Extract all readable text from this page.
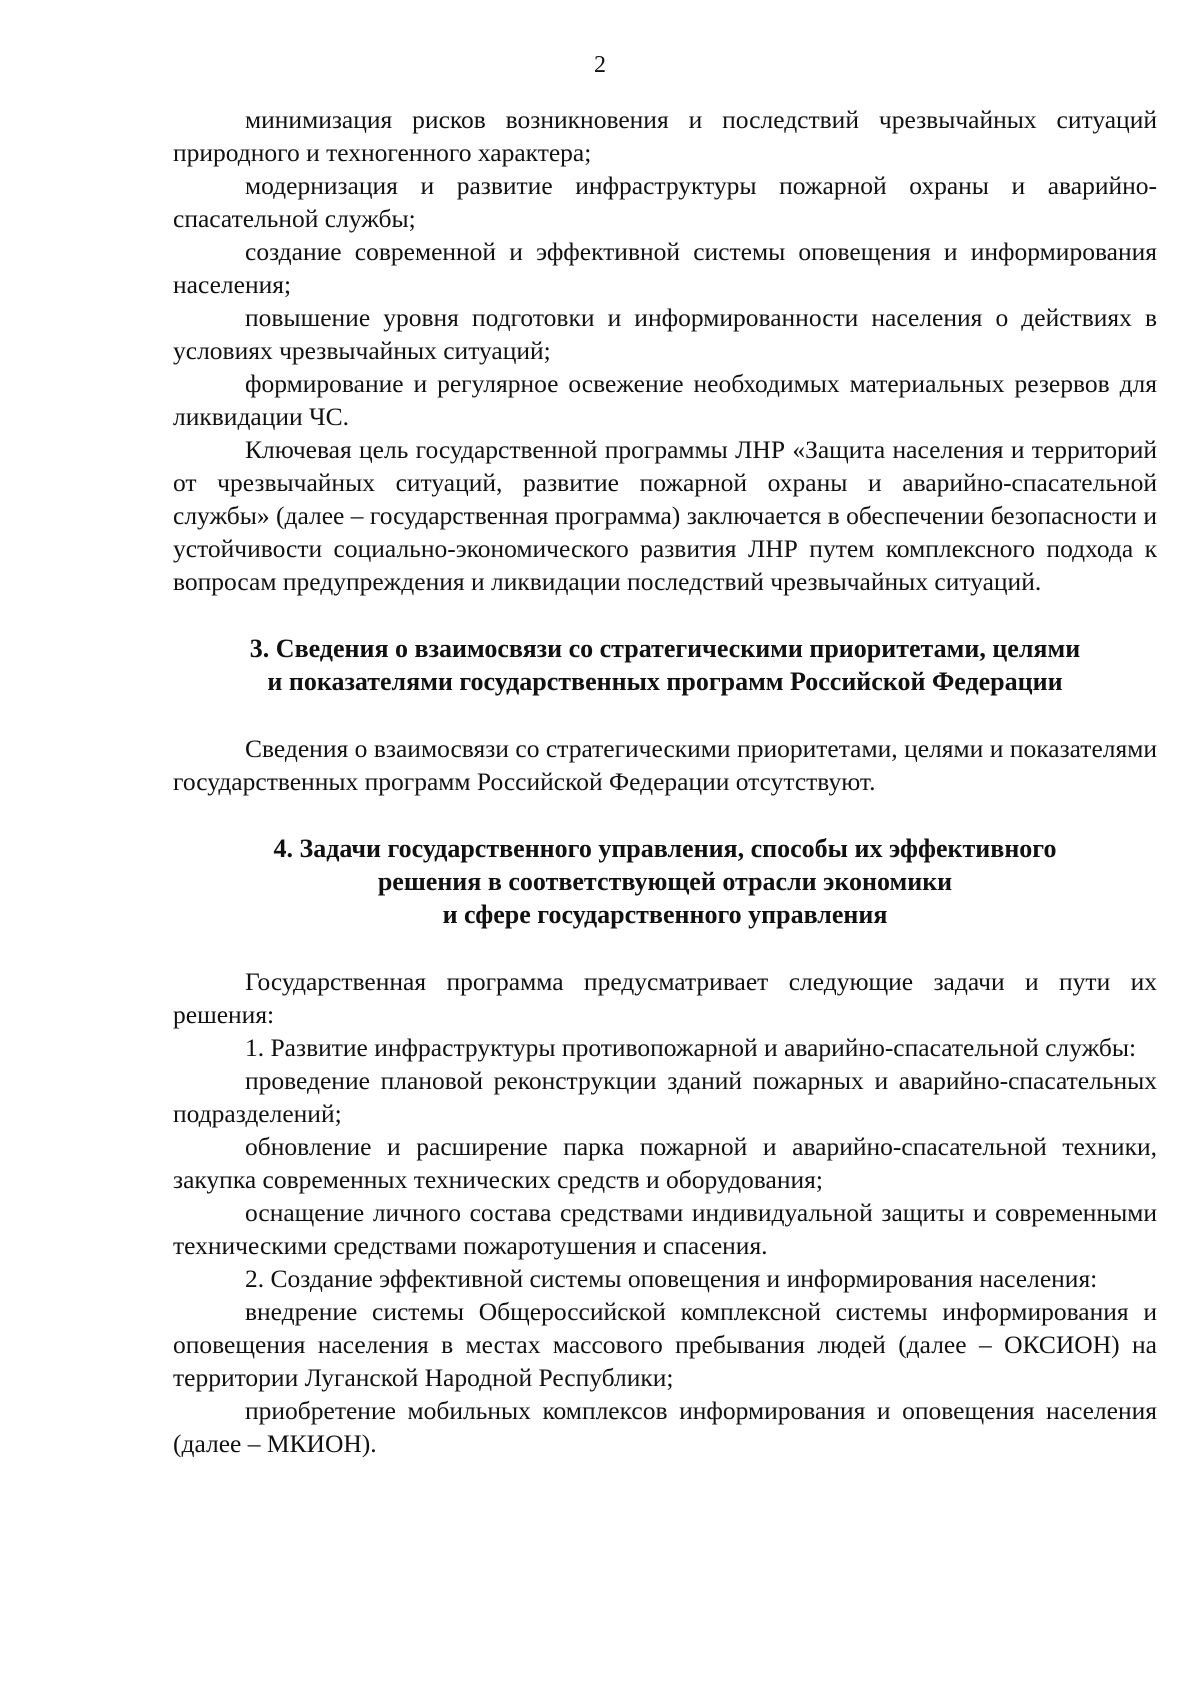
2

минимизация рисков возникновения и последствий чрезвычайных ситуаций природного и техногенного характера;

модернизация и развитие инфраструктуры пожарной охраны и аварийно-спасательной службы;

создание современной и эффективной системы оповещения и информирования населения;

повышение уровня подготовки и информированности населения о действиях в условиях чрезвычайных ситуаций;

формирование и регулярное освежение необходимых материальных резервов для ликвидации ЧС.

Ключевая цель государственной программы ЛНР «Защита населения и территорий от чрезвычайных ситуаций, развитие пожарной охраны и аварийно-спасательной службы» (далее – государственная программа) заключается в обеспечении безопасности и устойчивости социально-экономического развития ЛНР путем комплексного подхода к вопросам предупреждения и ликвидации последствий чрезвычайных ситуаций.

3. Сведения о взаимосвязи со стратегическими приоритетами, целями
и показателями государственных программ Российской Федерации

Сведения о взаимосвязи со стратегическими приоритетами, целями и показателями государственных программ Российской Федерации отсутствуют.

4. Задачи государственного управления, способы их эффективного
решения в соответствующей отрасли экономики
и сфере государственного управления

Государственная программа предусматривает следующие задачи и пути их решения:

1. Развитие инфраструктуры противопожарной и аварийно-спасательной службы:

проведение плановой реконструкции зданий пожарных и аварийно-спасательных подразделений;

обновление и расширение парка пожарной и аварийно-спасательной техники, закупка современных технических средств и оборудования;

оснащение личного состава средствами индивидуальной защиты и современными техническими средствами пожаротушения и спасения.

2. Создание эффективной системы оповещения и информирования населения:

внедрение системы Общероссийской комплексной системы информирования и оповещения населения в местах массового пребывания людей (далее – ОКСИОН) на территории Луганской Народной Республики;

приобретение мобильных комплексов информирования и оповещения населения (далее – МКИОН).
